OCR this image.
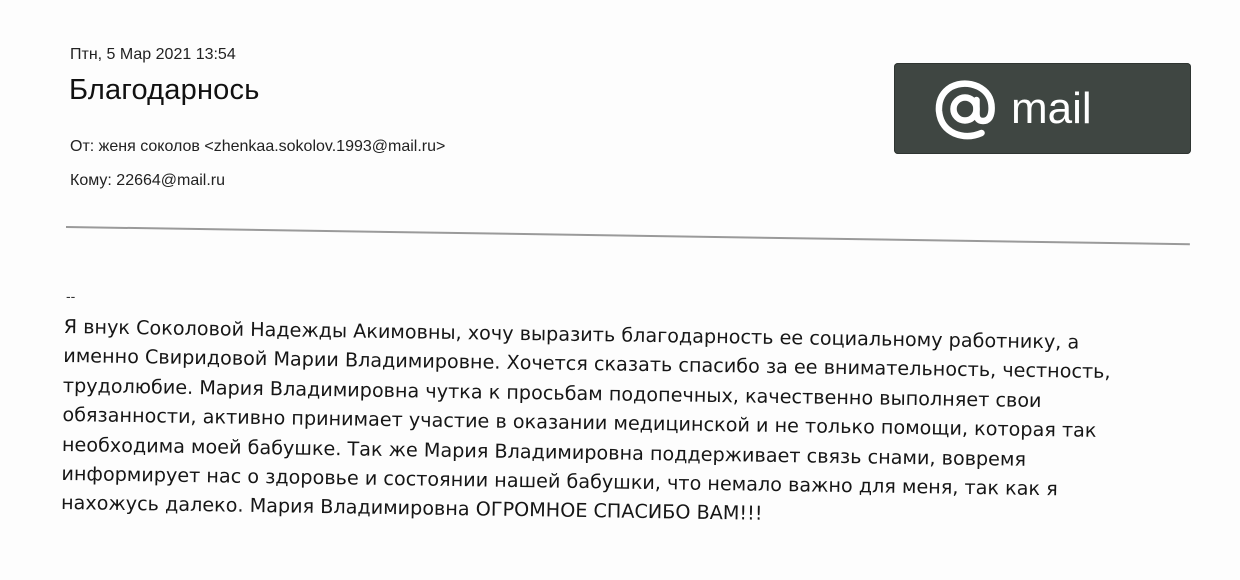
Птн, 5 Мар 2021 13:54
Благодарнось
От: женя соколов <zhenkaa.sokolov.1993@mail.ru>
Кому: 22664@mail.ru
mail
--

Я внук Соколовой Надежды Акимовны, хочу выразить благодарность ее социальному работнику, а

именно Свиридовой Марии Владимировне. Хочется сказать спасибо за ее внимательность, честность,

трудолюбие. Мария Владимировна чутка к просьбам подопечных, качественно выполняет свои

обязанности, активно принимает участие в оказании медицинской и не только помощи, которая так

необходима моей бабушке. Так же Мария Владимировна поддерживает связь снами, вовремя

информирует нас о здоровье и состоянии нашей бабушки, что немало важно для меня, так как я

нахожусь далеко. Мария Владимировна ОГРОМНОЕ СПАСИБО ВАМ!!!
